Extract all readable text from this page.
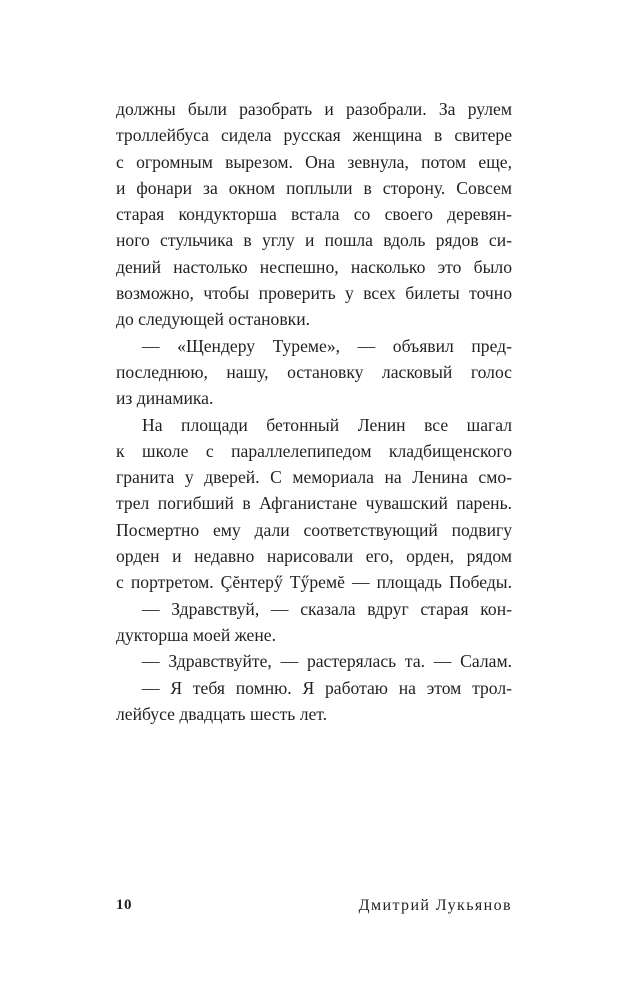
должны были разобрать и разобрали. За рулем
троллейбуса сидела русская женщина в свитере
с огромным вырезом. Она зевнула, потом еще,
и фонари за окном поплыли в сторону. Совсем
старая кондукторша встала со своего деревян-
ного стульчика в углу и пошла вдоль рядов си-
дений настолько неспешно, насколько это было
возможно, чтобы проверить у всех билеты точно
до следующей остановки.
— «Щендеру Туреме», — объявил пред-
последнюю, нашу, остановку ласковый голос
из динамика.
На площади бетонный Ленин все шагал
к школе с параллелепипедом кладбищенского
гранита у дверей. С мемориала на Ленина смо-
трел погибший в Афганистане чувашский парень.
Посмертно ему дали соответствующий подвигу
орден и недавно нарисовали его, орден, рядом
с портретом. Çĕнтерӳ Тӳремĕ — площадь Победы.
— Здравствуй, — сказала вдруг старая кон-
дукторша моей жене.
— Здравствуйте, — растерялась та. — Салам.
— Я тебя помню. Я работаю на этом трол-
лейбусе двадцать шесть лет.
10	Дмитрий Лукьянов
